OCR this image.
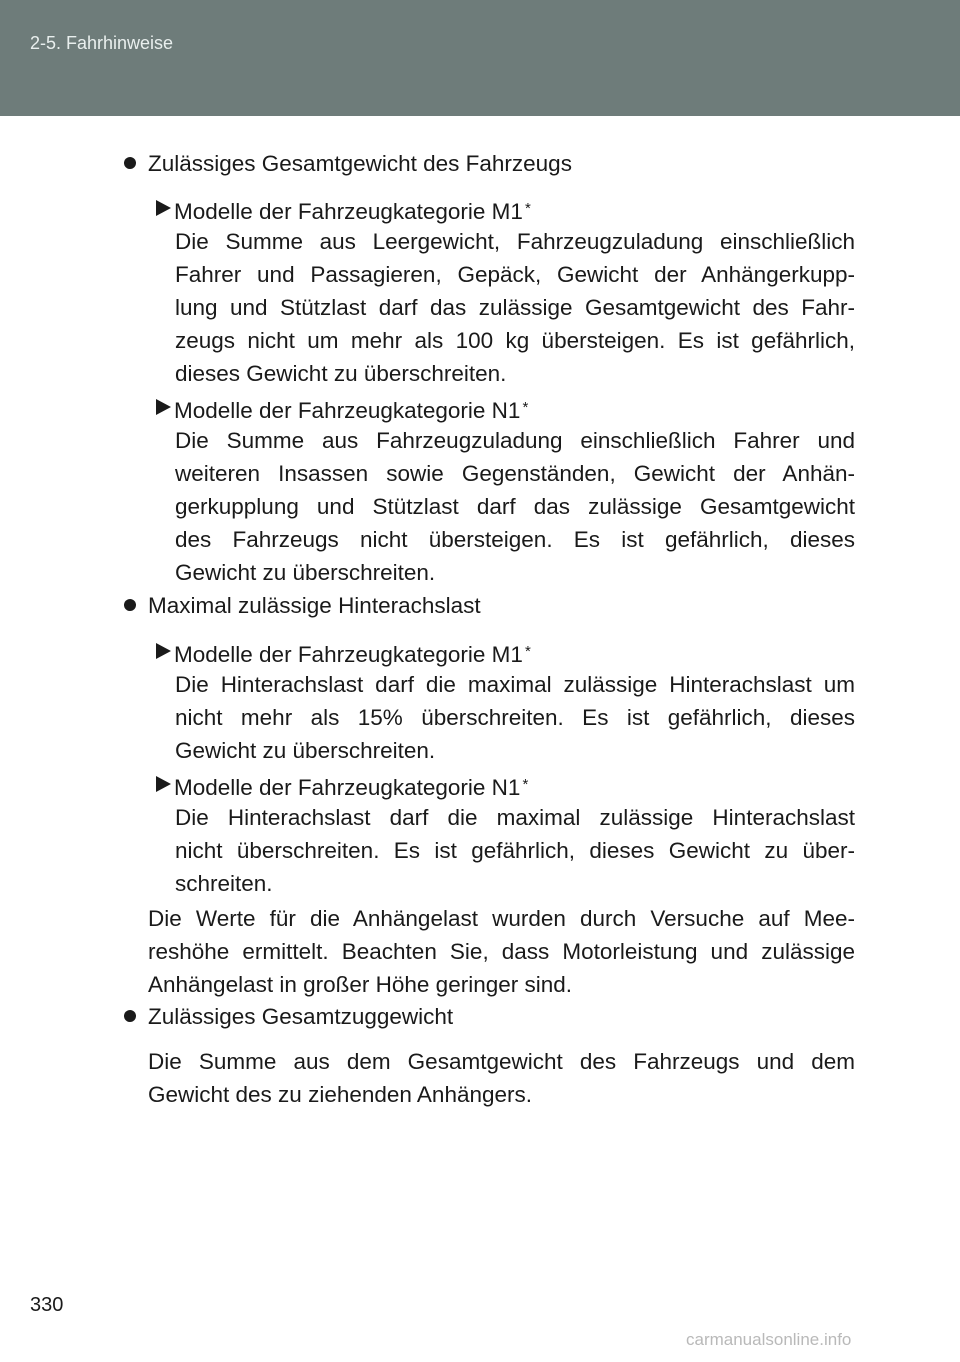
2-5. Fahrhinweise
Zulässiges Gesamtgewicht des Fahrzeugs
Modelle der Fahrzeugkategorie M1 *
Die Summe aus Leergewicht, Fahrzeugzuladung einschließlich
Fahrer und Passagieren, Gepäck, Gewicht der Anhängerkupp-
lung und Stützlast darf das zulässige Gesamtgewicht des Fahr-
zeugs nicht um mehr als 100 kg übersteigen. Es ist gefährlich,
dieses Gewicht zu überschreiten.
Modelle der Fahrzeugkategorie N1 *
Die Summe aus Fahrzeugzuladung einschließlich Fahrer und
weiteren Insassen sowie Gegenständen, Gewicht der Anhän-
gerkupplung und Stützlast darf das zulässige Gesamtgewicht
des Fahrzeugs nicht übersteigen. Es ist gefährlich, dieses
Gewicht zu überschreiten.
Maximal zulässige Hinterachslast
Modelle der Fahrzeugkategorie M1 *
Die Hinterachslast darf die maximal zulässige Hinterachslast um
nicht mehr als 15% überschreiten. Es ist gefährlich, dieses
Gewicht zu überschreiten.
Modelle der Fahrzeugkategorie N1 *
Die Hinterachslast darf die maximal zulässige Hinterachslast
nicht überschreiten. Es ist gefährlich, dieses Gewicht zu über-
schreiten.
Die Werte für die Anhängelast wurden durch Versuche auf Mee-
reshöhe ermittelt. Beachten Sie, dass Motorleistung und zulässige
Anhängelast in großer Höhe geringer sind.
Zulässiges Gesamtzuggewicht
Die Summe aus dem Gesamtgewicht des Fahrzeugs und dem
Gewicht des zu ziehenden Anhängers.
330
carmanualsonline.info
